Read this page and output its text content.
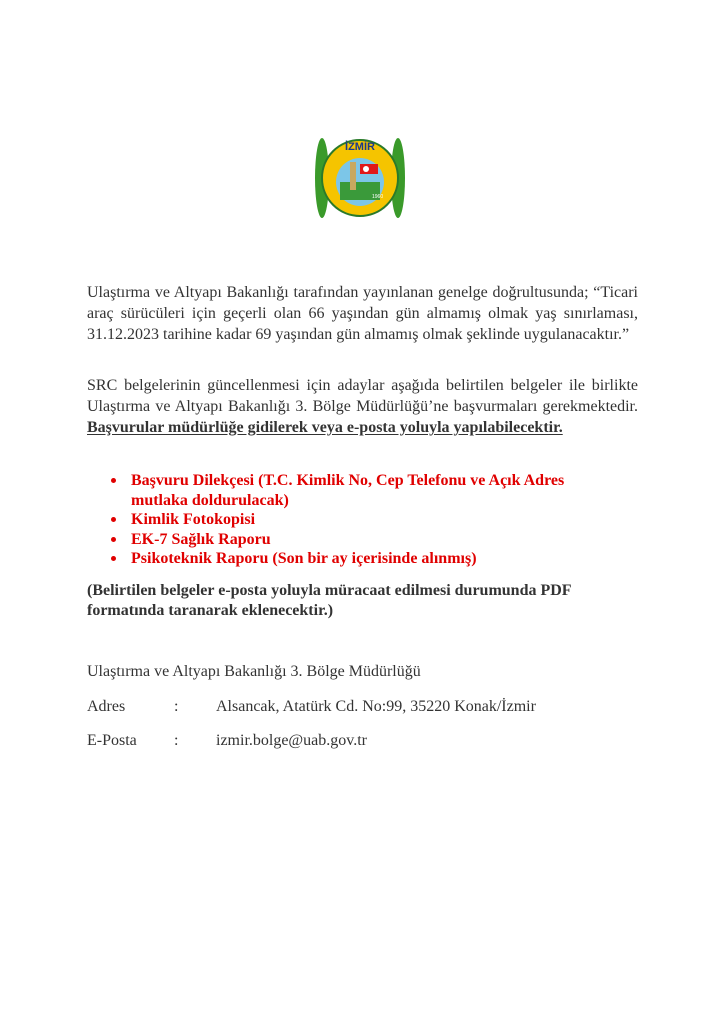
İZMİR
1960
Ulaştırma ve Altyapı Bakanlığı tarafından yayınlanan genelge doğrultusunda; “Ticari araç sürücüleri için geçerli olan 66 yaşından gün almamış olmak yaş sınırlaması, 31.12.2023 tarihine kadar 69 yaşından gün almamış olmak şeklinde uygulanacaktır.”
SRC belgelerinin güncellenmesi için adaylar aşağıda belirtilen belgeler ile birlikte Ulaştırma ve Altyapı Bakanlığı 3. Bölge Müdürlüğü’ne başvurmaları gerekmektedir. Başvurular müdürlüğe gidilerek veya e-posta yoluyla yapılabilecektir.
Başvuru Dilekçesi (T.C. Kimlik No, Cep Telefonu ve Açık Adres mutlaka doldurulacak)
Kimlik Fotokopisi
EK-7 Sağlık Raporu
Psikoteknik Raporu (Son bir ay içerisinde alınmış)
(Belirtilen belgeler e-posta yoluyla müracaat edilmesi durumunda PDF formatında taranarak eklenecektir.)
Ulaştırma ve Altyapı Bakanlığı 3. Bölge Müdürlüğü
Adres	: Alsancak, Atatürk Cd. No:99, 35220 Konak/İzmir
E-Posta : izmir.bolge@uab.gov.tr
